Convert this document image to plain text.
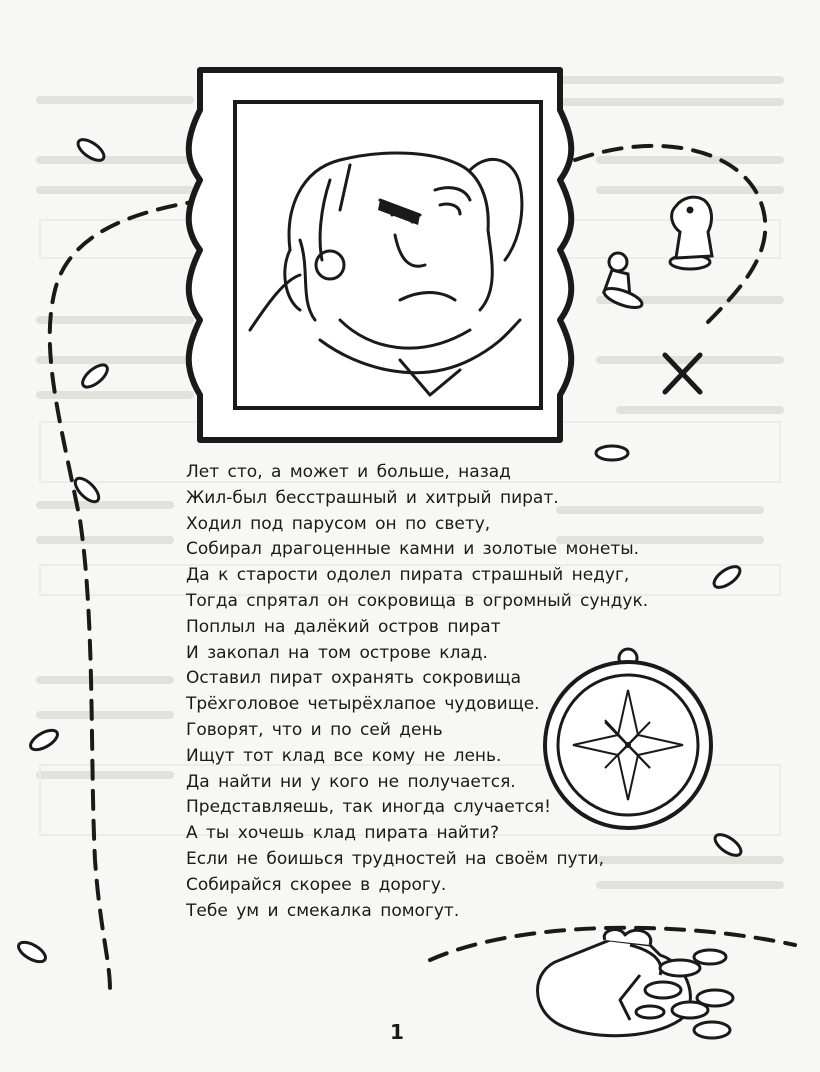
Лет сто, а может и больше, назад
Жил-был бесстрашный и хитрый пират.
Ходил под парусом он по свету,
Собирал драгоценные камни и золотые монеты.
Да к старости одолел пирата страшный недуг,
Тогда спрятал он сокровища в огромный сундук.
Поплыл на далёкий остров пират
И закопал на том острове клад.
Оставил пират охранять сокровища
Трёхголовое четырёхлапое чудовище.
Говорят, что и по сей день
Ищут тот клад все кому не лень.
Да найти ни у кого не получается.
Представляешь, так иногда случается!
А ты хочешь клад пирата найти?
Если не боишься трудностей на своём пути,
Собирайся скорее в дорогу.
Тебе ум и смекалка помогут.
1
